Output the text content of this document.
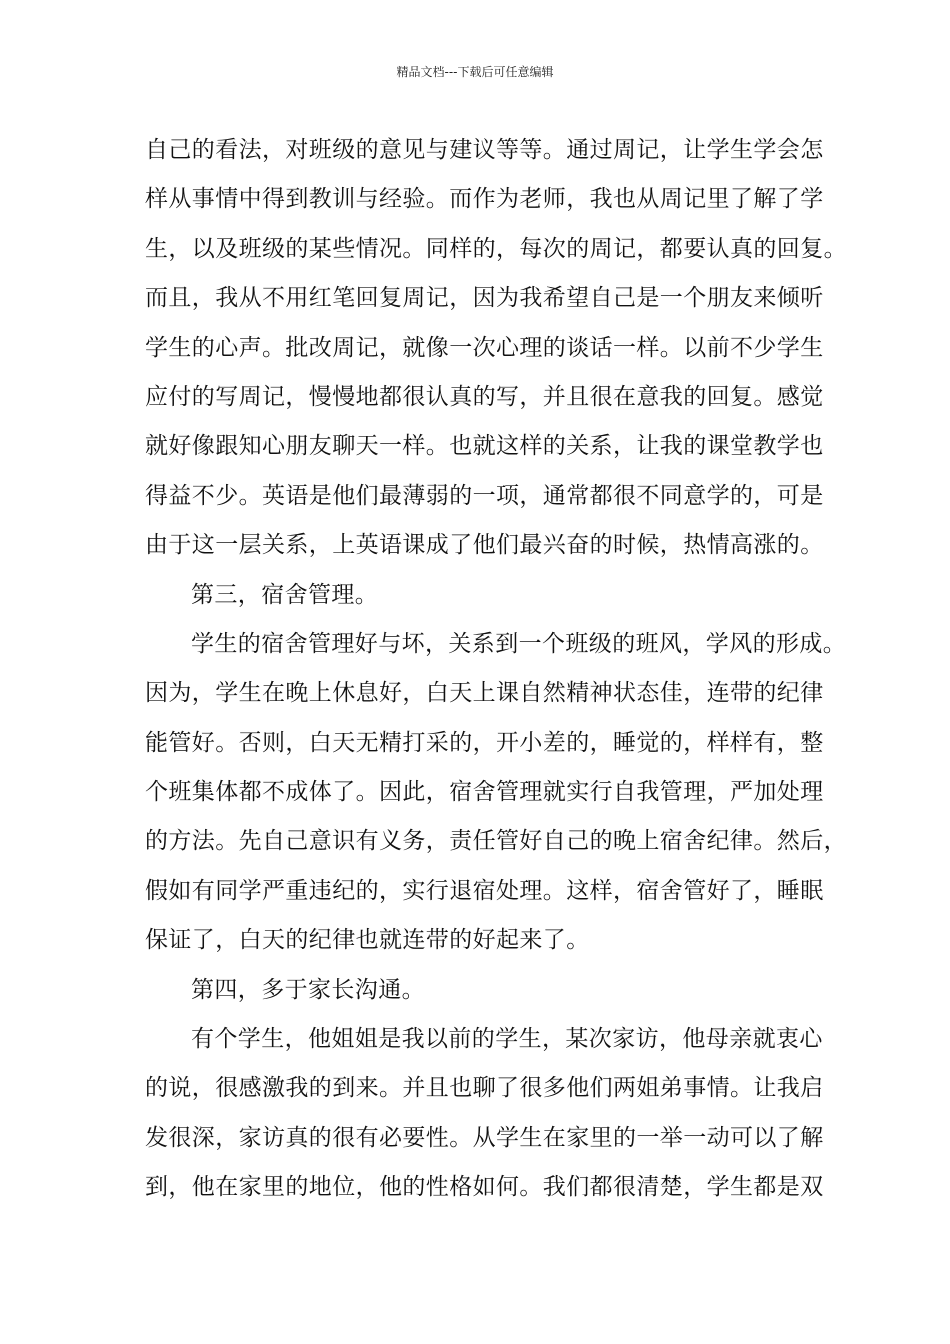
精品文档---下载后可任意编辑
自己的看法，对班级的意见与建议等等。通过周记，让学生学会怎
样从事情中得到教训与经验。而作为老师，我也从周记里了解了学
生，以及班级的某些情况。同样的，每次的周记，都要认真的回复。
而且，我从不用红笔回复周记，因为我希望自己是一个朋友来倾听
学生的心声。批改周记，就像一次心理的谈话一样。以前不少学生
应付的写周记，慢慢地都很认真的写，并且很在意我的回复。感觉
就好像跟知心朋友聊天一样。也就这样的关系，让我的课堂教学也
得益不少。英语是他们最薄弱的一项，通常都很不同意学的，可是
由于这一层关系，上英语课成了他们最兴奋的时候，热情高涨的。
第三，宿舍管理。
学生的宿舍管理好与坏，关系到一个班级的班风，学风的形成。
因为，学生在晚上休息好，白天上课自然精神状态佳，连带的纪律
能管好。否则，白天无精打采的，开小差的，睡觉的，样样有，整
个班集体都不成体了。因此，宿舍管理就实行自我管理，严加处理
的方法。先自己意识有义务，责任管好自己的晚上宿舍纪律。然后，
假如有同学严重违纪的，实行退宿处理。这样，宿舍管好了，睡眠
保证了，白天的纪律也就连带的好起来了。
第四，多于家长沟通。
有个学生，他姐姐是我以前的学生，某次家访，他母亲就衷心
的说，很感激我的到来。并且也聊了很多他们两姐弟事情。让我启
发很深，家访真的很有必要性。从学生在家里的一举一动可以了解
到，他在家里的地位，他的性格如何。我们都很清楚，学生都是双
